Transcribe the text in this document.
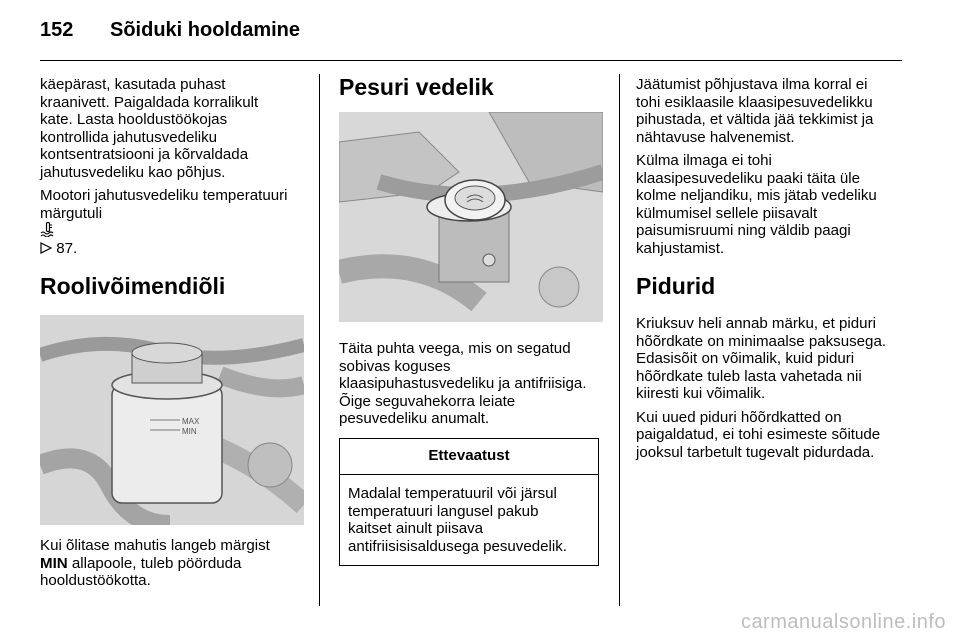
152 Sõiduki hooldamine

käepärast, kasutada puhast
kraanivett. Paigaldada korralikult
kate. Lasta hooldustöökojas
kontrollida jahutusvedeliku
kontsentratsiooni ja kõrvaldada
jahutusvedeliku kao põhjus.

Mootori jahutusvedeliku temperatuuri
märgutuli

87.

Roolivõimendiõli
MAX
MIN

Kui õlitase mahutis langeb märgist
MIN allapoole, tuleb pöörduda
hooldustöökotta.

Pesuri vedelik

Täita puhta veega, mis on segatud
sobivas koguses
klaasipuhastusvedeliku ja antifriisiga.
Õige seguvahekorra leiate
pesuvedeliku anumalt.

Ettevaatust
Madalal temperatuuril või järsul
temperatuuri langusel pakub
kaitset ainult piisava
antifriisisisaldusega pesuvedelik.

Jäätumist põhjustava ilma korral ei
tohi esiklaasile klaasipesuvedelikku
pihustada, et vältida jää tekkimist ja
nähtavuse halvenemist.

Külma ilmaga ei tohi
klaasipesuvedeliku paaki täita üle
kolme neljandiku, mis jätab vedeliku
külmumisel sellele piisavalt
paisumisruumi ning väldib paagi
kahjustamist.

Pidurid

Kriuksuv heli annab märku, et piduri
hõõrdkate on minimaalse paksusega.
Edasisõit on võimalik, kuid piduri
hõõrdkate tuleb lasta vahetada nii
kiiresti kui võimalik.

Kui uued piduri hõõrdkatted on
paigaldatud, ei tohi esimeste sõitude
jooksul tarbetult tugevalt pidurdada.

carmanualsonline.info
